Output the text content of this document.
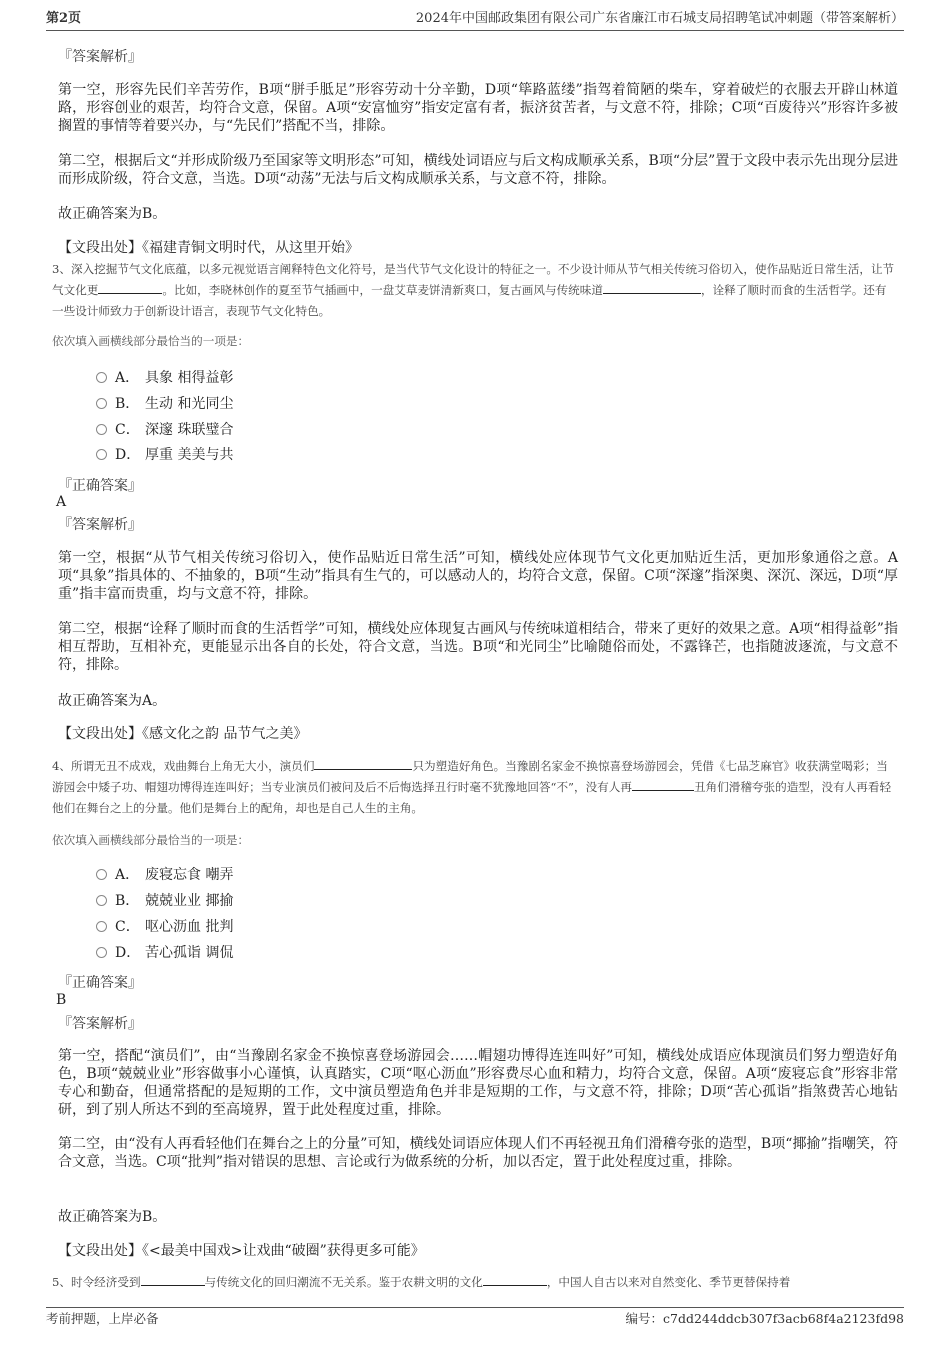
第2页	2024年中国邮政集团有限公司广东省廉江市石城支局招聘笔试冲刺题（带答案解析）
『答案解析』

第一空，形容先民们辛苦劳作，B项“胼手胝足”形容劳动十分辛勤，D项“筚路蓝缕”指驾着简陋的柴车，穿着破烂的衣服去开辟山林道路，形容创业的艰苦，均符合文意，保留。A项“安富恤穷”指安定富有者，振济贫苦者，与文意不符，排除；C项“百废待兴”形容许多被搁置的事情等着要兴办，与“先民们”搭配不当，排除。

第二空，根据后文“并形成阶级乃至国家等文明形态”可知，横线处词语应与后文构成顺承关系，B项“分层”置于文段中表示先出现分层进而形成阶级，符合文意，当选。D项“动荡”无法与后文构成顺承关系，与文意不符，排除。

故正确答案为B。
【文段出处】《福建青铜文明时代，从这里开始》

3、深入挖掘节气文化底蕴，以多元视觉语言阐释特色文化符号，是当代节气文化设计的特征之一。不少设计师从节气相关传统习俗切入，使作品贴近日常生活，让节气文化更	。比如，李晓林创作的夏至节气插画中，一盘艾草麦饼清新爽口，复古画风与传统味道	，诠释了顺时而食的生活哲学。还有一些设计师致力于创新设计语言，表现节气文化特色。

依次填入画横线部分最恰当的一项是：
A． 具象 相得益彰
B． 生动 和光同尘
C． 深邃 珠联璧合
D． 厚重 美美与共
『正确答案』
A
『答案解析』

第一空，根据“从节气相关传统习俗切入，使作品贴近日常生活”可知，横线处应体现节气文化更加贴近生活，更加形象通俗之意。A项“具象”指具体的、不抽象的，B项“生动”指具有生气的，可以感动人的，均符合文意，保留。C项“深邃”指深奥、深沉、深远，D项“厚重”指丰富而贵重，均与文意不符，排除。

第二空，根据“诠释了顺时而食的生活哲学”可知，横线处应体现复古画风与传统味道相结合，带来了更好的效果之意。A项“相得益彰”指相互帮助，互相补充，更能显示出各自的长处，符合文意，当选。B项“和光同尘”比喻随俗而处，不露锋芒，也指随波逐流，与文意不符，排除。

故正确答案为A。
【文段出处】《感文化之韵 品节气之美》

4、所谓无丑不成戏，戏曲舞台上角无大小，演员们	只为塑造好角色。当豫剧名家金不换惊喜登场游园会，凭借《七品芝麻官》收获满堂喝彩；当游园会中矮子功、帽翅功博得连连叫好；当专业演员们被问及后不后悔选择丑行时毫不犹豫地回答“不”，没有人再	丑角们滑稽夸张的造型，没有人再看轻他们在舞台之上的分量。他们是舞台上的配角，却也是自己人生的主角。

依次填入画横线部分最恰当的一项是：
A． 废寝忘食 嘲弄
B． 兢兢业业 揶揄
C． 呕心沥血 批判
D． 苦心孤诣 调侃
『正确答案』
B
『答案解析』

第一空，搭配“演员们”，由“当豫剧名家金不换惊喜登场游园会……帽翅功博得连连叫好”可知，横线处成语应体现演员们努力塑造好角色，B项“兢兢业业”形容做事小心谨慎，认真踏实，C项“呕心沥血”形容费尽心血和精力，均符合文意，保留。A项“废寝忘食”形容非常专心和勤奋，但通常搭配的是短期的工作，文中演员塑造角色并非是短期的工作，与文意不符，排除；D项“苦心孤诣”指煞费苦心地钻研，到了别人所达不到的至高境界，置于此处程度过重，排除。

第二空，由“没有人再看轻他们在舞台之上的分量”可知，横线处词语应体现人们不再轻视丑角们滑稽夸张的造型，B项“揶揄”指嘲笑，符合文意，当选。C项“批判”指对错误的思想、言论或行为做系统的分析，加以否定，置于此处程度过重，排除。

故正确答案为B。
【文段出处】《<最美中国戏>让戏曲“破圈”获得更多可能》

5、时令经济受到	与传统文化的回归潮流不无关系。鉴于农耕文明的文化	，中国人自古以来对自然变化、季节更替保持着

考前押题，上岸必备	编号：c7dd244ddcb307f3acb68f4a2123fd98
